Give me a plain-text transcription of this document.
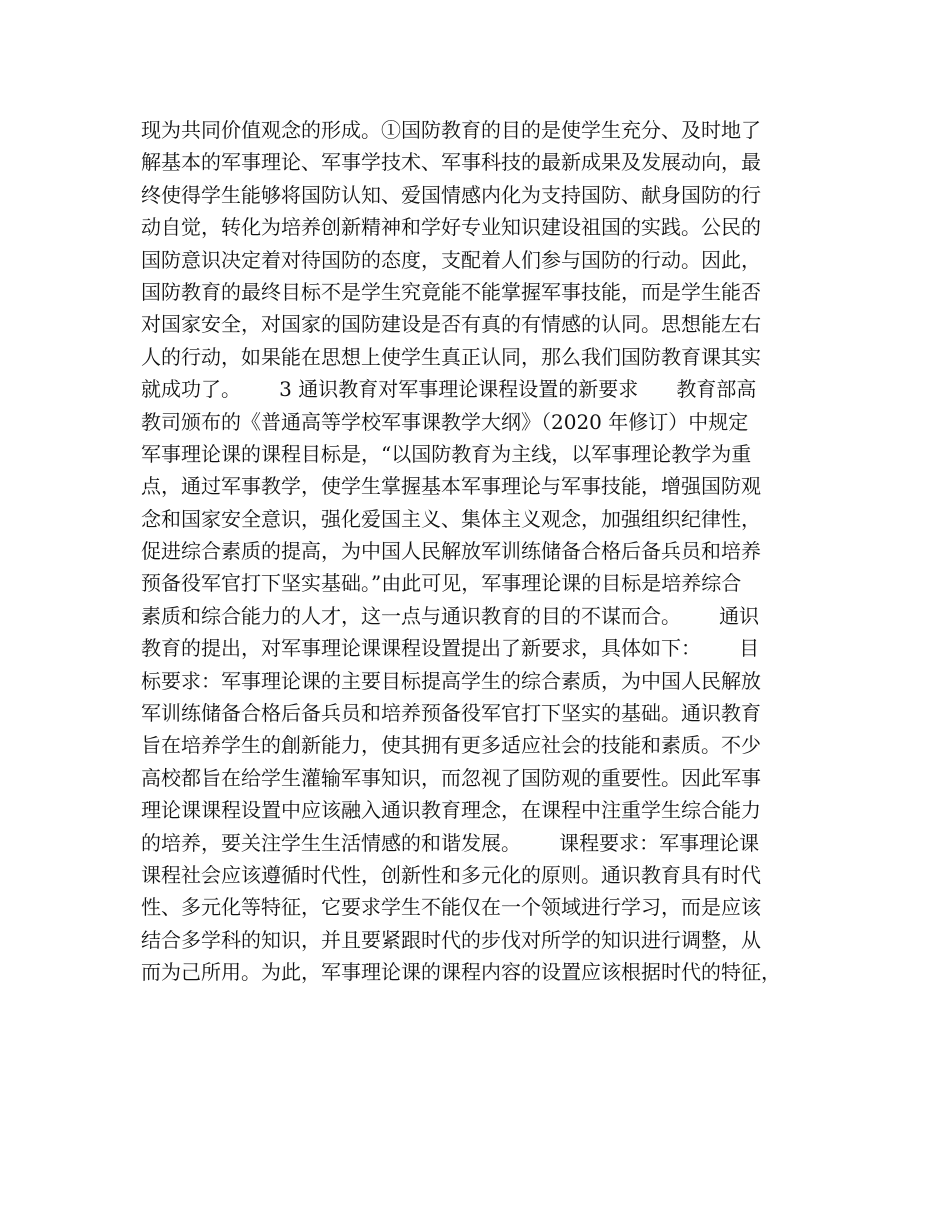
现为共同价值观念的形成。①国防教育的目的是使学生充分、及时地了
解基本的军事理论、军事学技术、军事科技的最新成果及发展动向，最
终使得学生能够将国防认知、爱国情感内化为支持国防、献身国防的行
动自觉，转化为培养创新精神和学好专业知识建设祖国的实践。公民的
国防意识决定着对待国防的态度，支配着人们参与国防的行动。因此，
国防教育的最终目标不是学生究竟能不能掌握军事技能，而是学生能否
对国家安全，对国家的国防建设是否有真的有情感的认同。思想能左右
人的行动，如果能在思想上使学生真正认同，那么我们国防教育课其实
就成功了。      3 通识教育对军事理论课程设置的新要求      教育部高
教司颁布的《普通高等学校军事课教学大纲》（2020 年修订）中规定
军事理论课的课程目标是，“以国防教育为主线，以军事理论教学为重
点，通过军事教学，使学生掌握基本军事理论与军事技能，增强国防观
念和国家安全意识，强化爱国主义、集体主义观念，加强组织纪律性，
促进综合素质的提高，为中国人民解放军训练储备合格后备兵员和培养
预备役军官打下坚实基础。”由此可见，军事理论课的目标是培养综合
素质和综合能力的人才，这一点与通识教育的目的不谋而合。      通识
教育的提出，对军事理论课课程设置提出了新要求，具体如下：      目
标要求：军事理论课的主要目标提高学生的综合素质，为中国人民解放
军训练储备合格后备兵员和培养预备役军官打下坚实的基础。通识教育
旨在培养学生的創新能力，使其拥有更多适应社会的技能和素质。不少
高校都旨在给学生灌输军事知识，而忽视了国防观的重要性。因此军事
理论课课程设置中应该融入通识教育理念，在课程中注重学生综合能力
的培养，要关注学生生活情感的和谐发展。      课程要求：军事理论课
课程社会应该遵循时代性，创新性和多元化的原则。通识教育具有时代
性、多元化等特征，它要求学生不能仅在一个领域进行学习，而是应该
结合多学科的知识，并且要紧跟时代的步伐对所学的知识进行调整，从
而为己所用。为此，军事理论课的课程内容的设置应该根据时代的特征，
